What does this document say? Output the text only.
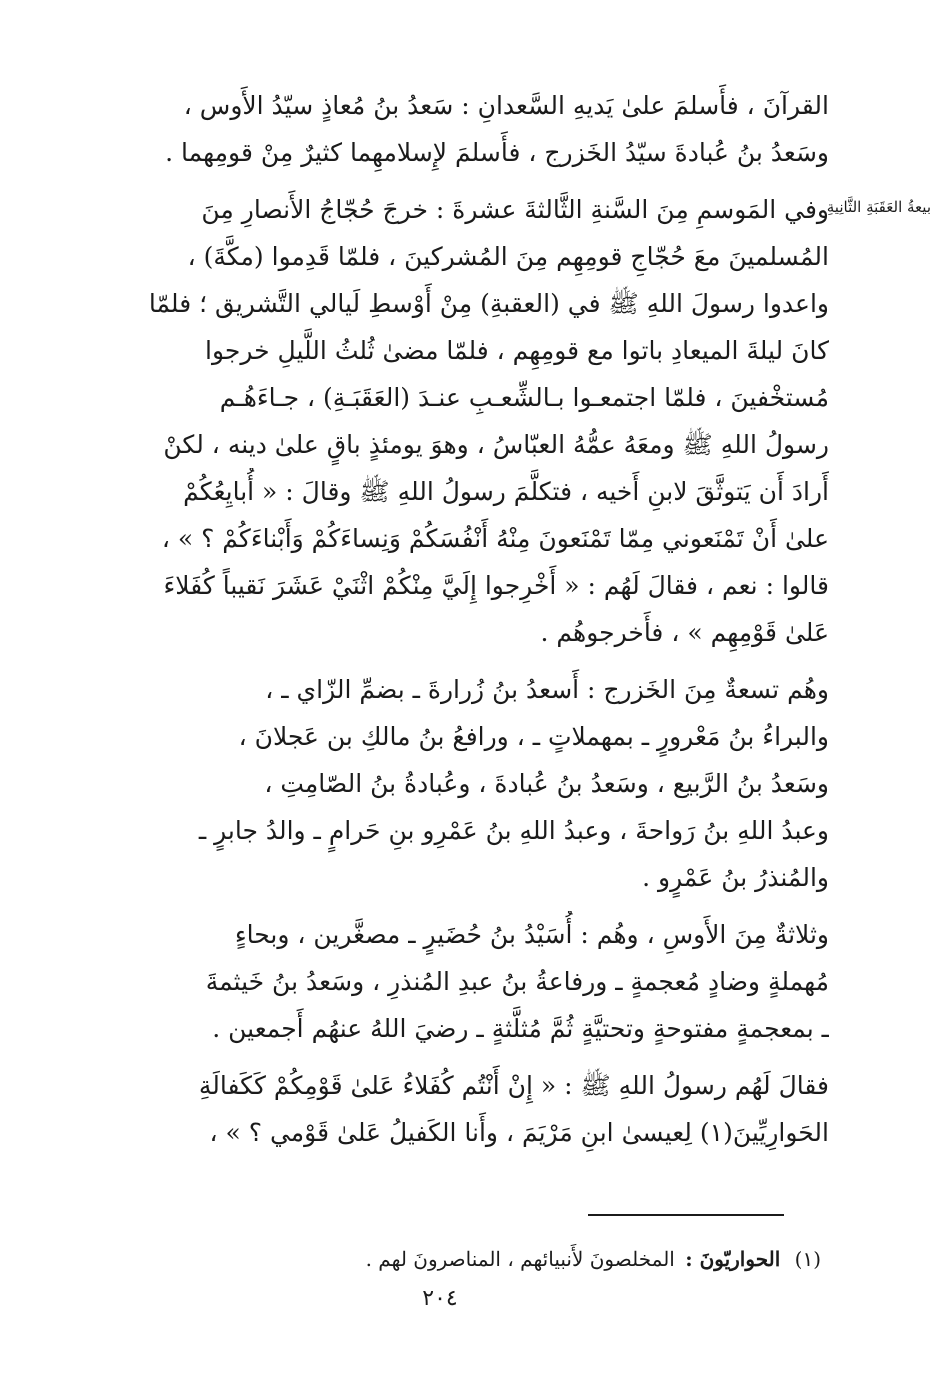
بيعةُ العَقَبَةِ الثَّانِيةِ
القرآنَ ، فأَسلمَ علىٰ يَديهِ السَّعدانِ : سَعدُ بنُ مُعاذٍ سيّدُ الأَوس ،
وسَعدُ بنُ عُبادةَ سيّدُ الخَزرج ، فأَسلمَ لإِسلامهِما كثيرٌ مِنْ قومِهما .
وفي المَوسمِ مِنَ السَّنةِ الثَّالثةَ عشرةَ : خرجَ حُجّاجُ الأَنصارِ مِنَ
المُسلمينَ معَ حُجّاجِ قومِهِم مِنَ المُشركينَ ، فلمّا قَدِموا (مكَّةَ) ،
واعدوا رسولَ اللهِ ﷺ في (العقبةِ) مِنْ أَوْسطِ لَيالي التَّشريق ؛ فلمّا
كانَ ليلةَ الميعادِ باتوا مع قومِهِم ، فلمّا مضىٰ ثُلثُ اللَّيلِ خرجوا
مُستخْفينَ ، فلمّا اجتمعـوا بـالشِّعـبِ عنـدَ (العَقَبَـةِ) ، جـاءَهُـم
رسولُ اللهِ ﷺ ومعَهُ عمُّهُ العبّاسُ ، وهوَ يومئذٍ باقٍ علىٰ دينه ، لكنْ
أَرادَ أَن يَتوثَّقَ لابنِ أَخيه ، فتكلَّمَ رسولُ اللهِ ﷺ وقالَ : « أُبايِعُكُمْ
علىٰ أَنْ تَمْنَعوني مِمّا تَمْنَعونَ مِنْهُ أَنْفُسَكُمْ وَنِساءَكُمْ وَأَبْناءَكُمْ ؟ » ،
قالوا : نعم ، فقالَ لَهُم : « أَخْرِجوا إِلَيَّ مِنْكُمْ اثْنَيْ عَشَرَ نَقيباً كُفَلاءَ
عَلىٰ قَوْمِهِم » ، فأَخرجوهُم .
وهُم تسعةٌ مِنَ الخَزرج : أَسعدُ بنُ زُرارةَ ـ بضمِّ الزّاي ـ ،
والبراءُ بنُ مَعْرورٍ ـ بمهملاتٍ ـ ، ورافعُ بنُ مالكِ بن عَجلانَ ،
وسَعدُ بنُ الرَّبيع ، وسَعدُ بنُ عُبادةَ ، وعُبادةُ بنُ الصّامِتِ ،
وعبدُ اللهِ بنُ رَواحةَ ، وعبدُ اللهِ بنُ عَمْرِو بنِ حَرامٍ ـ والدُ جابرٍ ـ
والمُنذرُ بنُ عَمْرٍو .
وثلاثةٌ مِنَ الأَوسِ ، وهُم : أُسَيْدُ بنُ حُضَيرٍ ـ مصغَّرين ، وبحاءٍ
مُهملةٍ وضادٍ مُعجمةٍ ـ ورفاعةُ بنُ عبدِ المُنذرِ ، وسَعدُ بنُ خَيثمةَ
ـ بمعجمةٍ مفتوحةٍ وتحتيَّةٍ ثُمَّ مُثلَّثةٍ ـ رضيَ اللهُ عنهُم أَجمعين .
فقالَ لَهُم رسولُ اللهِ ﷺ : « إِنْ أَنْتُم كُفَلاءُ عَلىٰ قَوْمِكُمْ كَكَفالَةِ
الحَوارِيِّينَ(١) لِعيسىٰ ابنِ مَرْيَمَ ، وأَنا الكَفيلُ عَلىٰ قَوْمي ؟ » ،
(١) الحواريّونَ : المخلصونَ لأَنبيائهم ، المناصرونَ لهم .
٢٠٤
